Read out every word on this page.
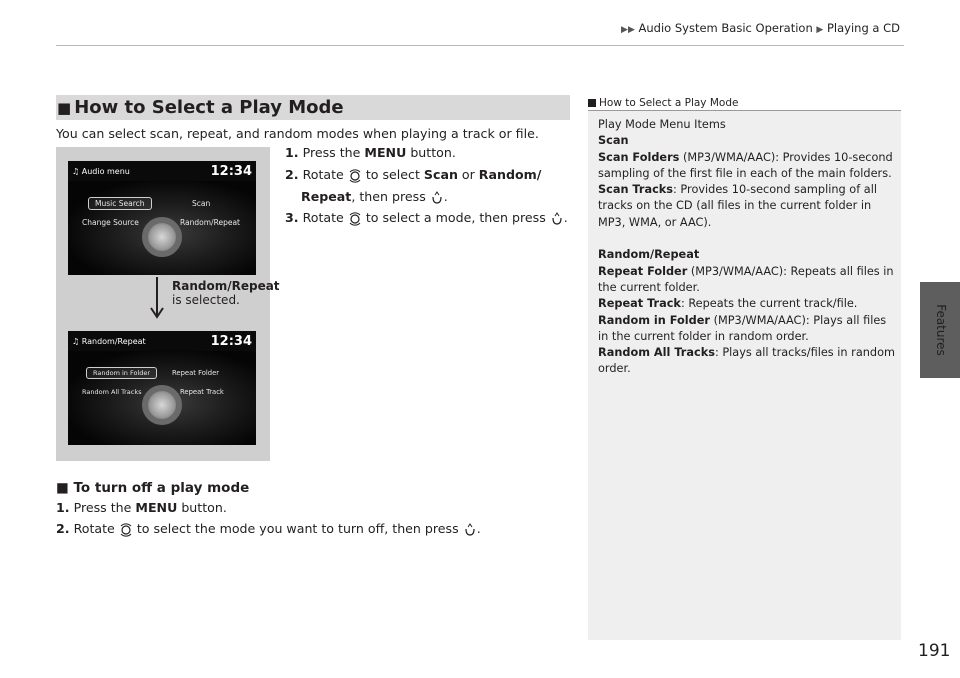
▶▶ Audio System Basic Operation ▶ Playing a CD
Features
■ How to Select a Play Mode
You can select scan, repeat, and random modes when playing a track or file.
1. Press the MENU button.
2. Rotate  to select Scan or Random/
Repeat, then press .
3. Rotate  to select a mode, then press .
♫ Audio menu	12:34
Music Search	Scan
Change Source	Random/Repeat
Random/Repeat
is selected.
♫ Random/Repeat	12:34
Random in Folder	Repeat Folder
Random All Tracks	Repeat Track
■ To turn off a play mode
1. Press the MENU button.
2. Rotate  to select the mode you want to turn off, then press .
How to Select a Play Mode

Play Mode Menu Items

Scan

Scan Folders (MP3/WMA/AAC): Provides 10-second sampling of the first file in each of the main folders.

Scan Tracks: Provides 10-second sampling of all tracks on the CD (all files in the current folder in MP3, WMA, or AAC).

Random/Repeat

Repeat Folder (MP3/WMA/AAC): Repeats all files in the current folder.

Repeat Track: Repeats the current track/file.

Random in Folder (MP3/WMA/AAC): Plays all files in the current folder in random order.

Random All Tracks: Plays all tracks/files in random order.

191
